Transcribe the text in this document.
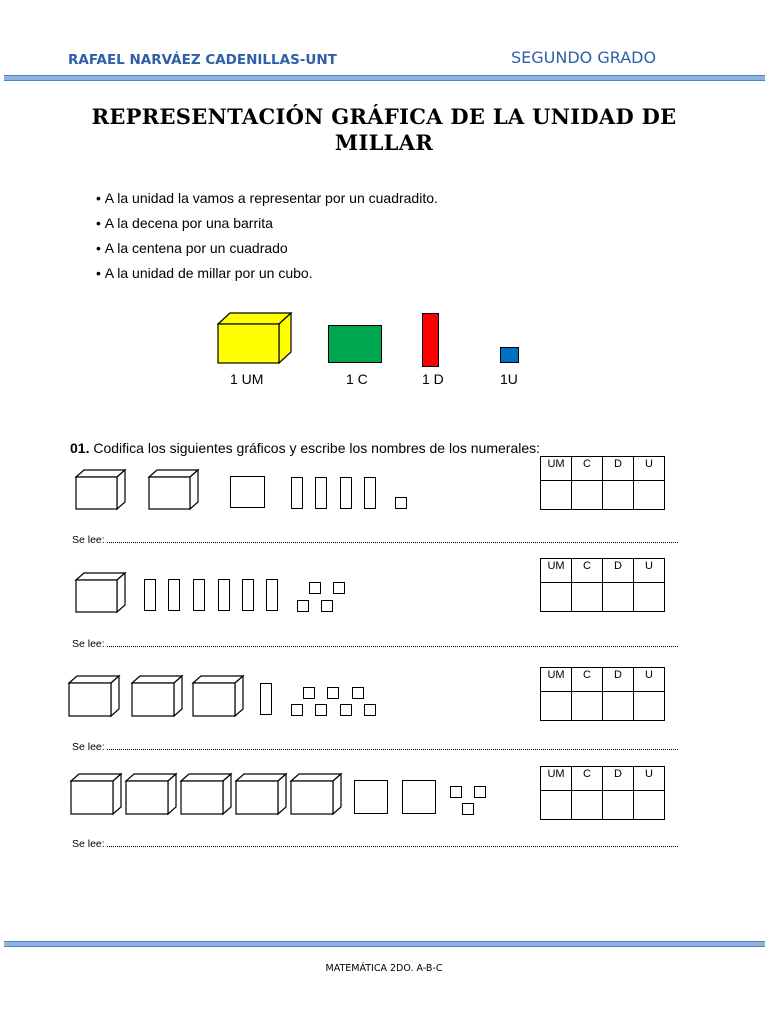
RAFAEL NARVÁEZ CADENILLAS-UNT	SEGUNDO GRADO
REPRESENTACIÓN GRÁFICA DE LA UNIDAD DE
MILLAR
• A la unidad la vamos a representar por un cuadradito.
• A la decena por una barrita
• A la centena por un cuadrado
• A la unidad de millar por un cubo.
1 UM	1 C	1 D	1U
01. Codifica los siguientes gráficos y escribe los nombres de los numerales:
UM	C	D	U

Se lee:
UM	C	D	U

Se lee:
UM	C	D	U

Se lee:
UM	C	D	U

Se lee:
MATEMÁTICA 2DO. A-B-C
